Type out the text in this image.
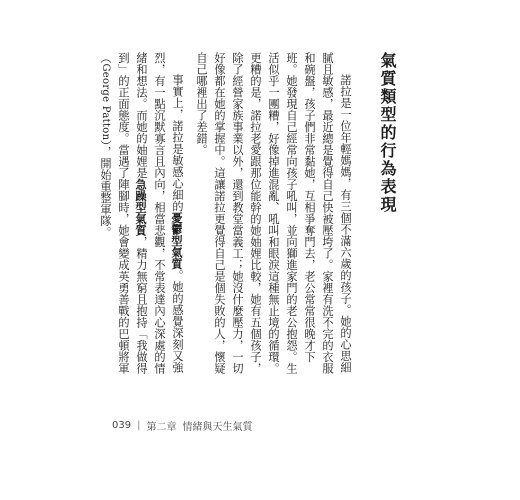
氣質類型的行為表現

諾拉是一位年輕媽媽，有三個不滿六歲的孩子。她的心思細膩且敏感，最近總是覺得自己快被壓垮了。家裡有洗不完的衣服和碗盤，孩子們非常黏她，互相爭奪門去，老公常常很晚才下班。她發現自己經常向孩子吼叫，並向獅進家門的老公抱怨。生活似乎一團糟，好像掉進混亂、吼叫和眼淚這種無止境的循環。更糟的是，諾拉老愛跟那位能幹的她妯娌比較，她有五個孩子，除了經營家族事業以外，還到教堂當義工；她沒什麼壓力，一切好像都在她的掌握中。這讓諾拉更覺得自己是個失敗的人，懷疑自己哪裡出了差錯。

事實上，諾拉是敏感心細的憂鬱型氣質。她的感覺深刻又強烈，有一點沉默寡言且內向，相當悲觀，不常表達內心深處的情緒和想法。而她的妯娌是急躁型氣質，精力無窮且抱持「我做得到」的正面態度。當遇了陣腳時，她會變成英勇善戰的巴頓將軍（George Patton），開始重整軍隊。

039 | 第二章 情緒與天生氣質
